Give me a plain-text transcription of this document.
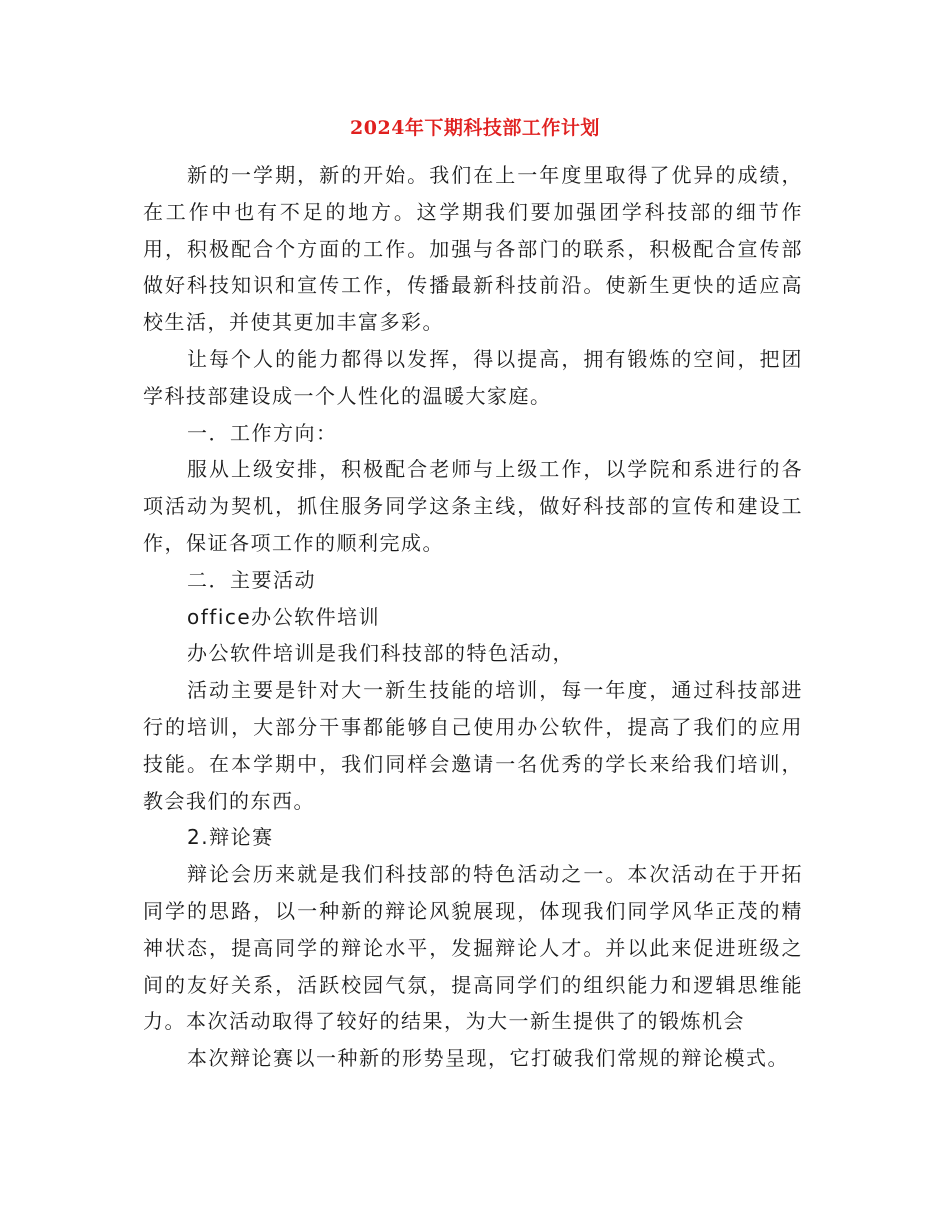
2024年下期科技部工作计划

新的一学期，新的开始。我们在上一年度里取得了优异的成绩，在工作中也有不足的地方。这学期我们要加强团学科技部的细节作用，积极配合个方面的工作。加强与各部门的联系，积极配合宣传部做好科技知识和宣传工作，传播最新科技前沿。使新生更快的适应高校生活，并使其更加丰富多彩。

让每个人的能力都得以发挥，得以提高，拥有锻炼的空间，把团学科技部建设成一个人性化的温暖大家庭。

一．工作方向：

服从上级安排，积极配合老师与上级工作，以学院和系进行的各项活动为契机，抓住服务同学这条主线，做好科技部的宣传和建设工作，保证各项工作的顺利完成。

二．主要活动

office办公软件培训

办公软件培训是我们科技部的特色活动，

活动主要是针对大一新生技能的培训，每一年度，通过科技部进行的培训，大部分干事都能够自己使用办公软件，提高了我们的应用技能。在本学期中，我们同样会邀请一名优秀的学长来给我们培训，教会我们的东西。

2.辩论赛

辩论会历来就是我们科技部的特色活动之一。本次活动在于开拓同学的思路，以一种新的辩论风貌展现，体现我们同学风华正茂的精神状态，提高同学的辩论水平，发掘辩论人才。并以此来促进班级之间的友好关系，活跃校园气氛，提高同学们的组织能力和逻辑思维能力。本次活动取得了较好的结果，为大一新生提供了的锻炼机会

本次辩论赛以一种新的形势呈现，它打破我们常规的辩论模式。
